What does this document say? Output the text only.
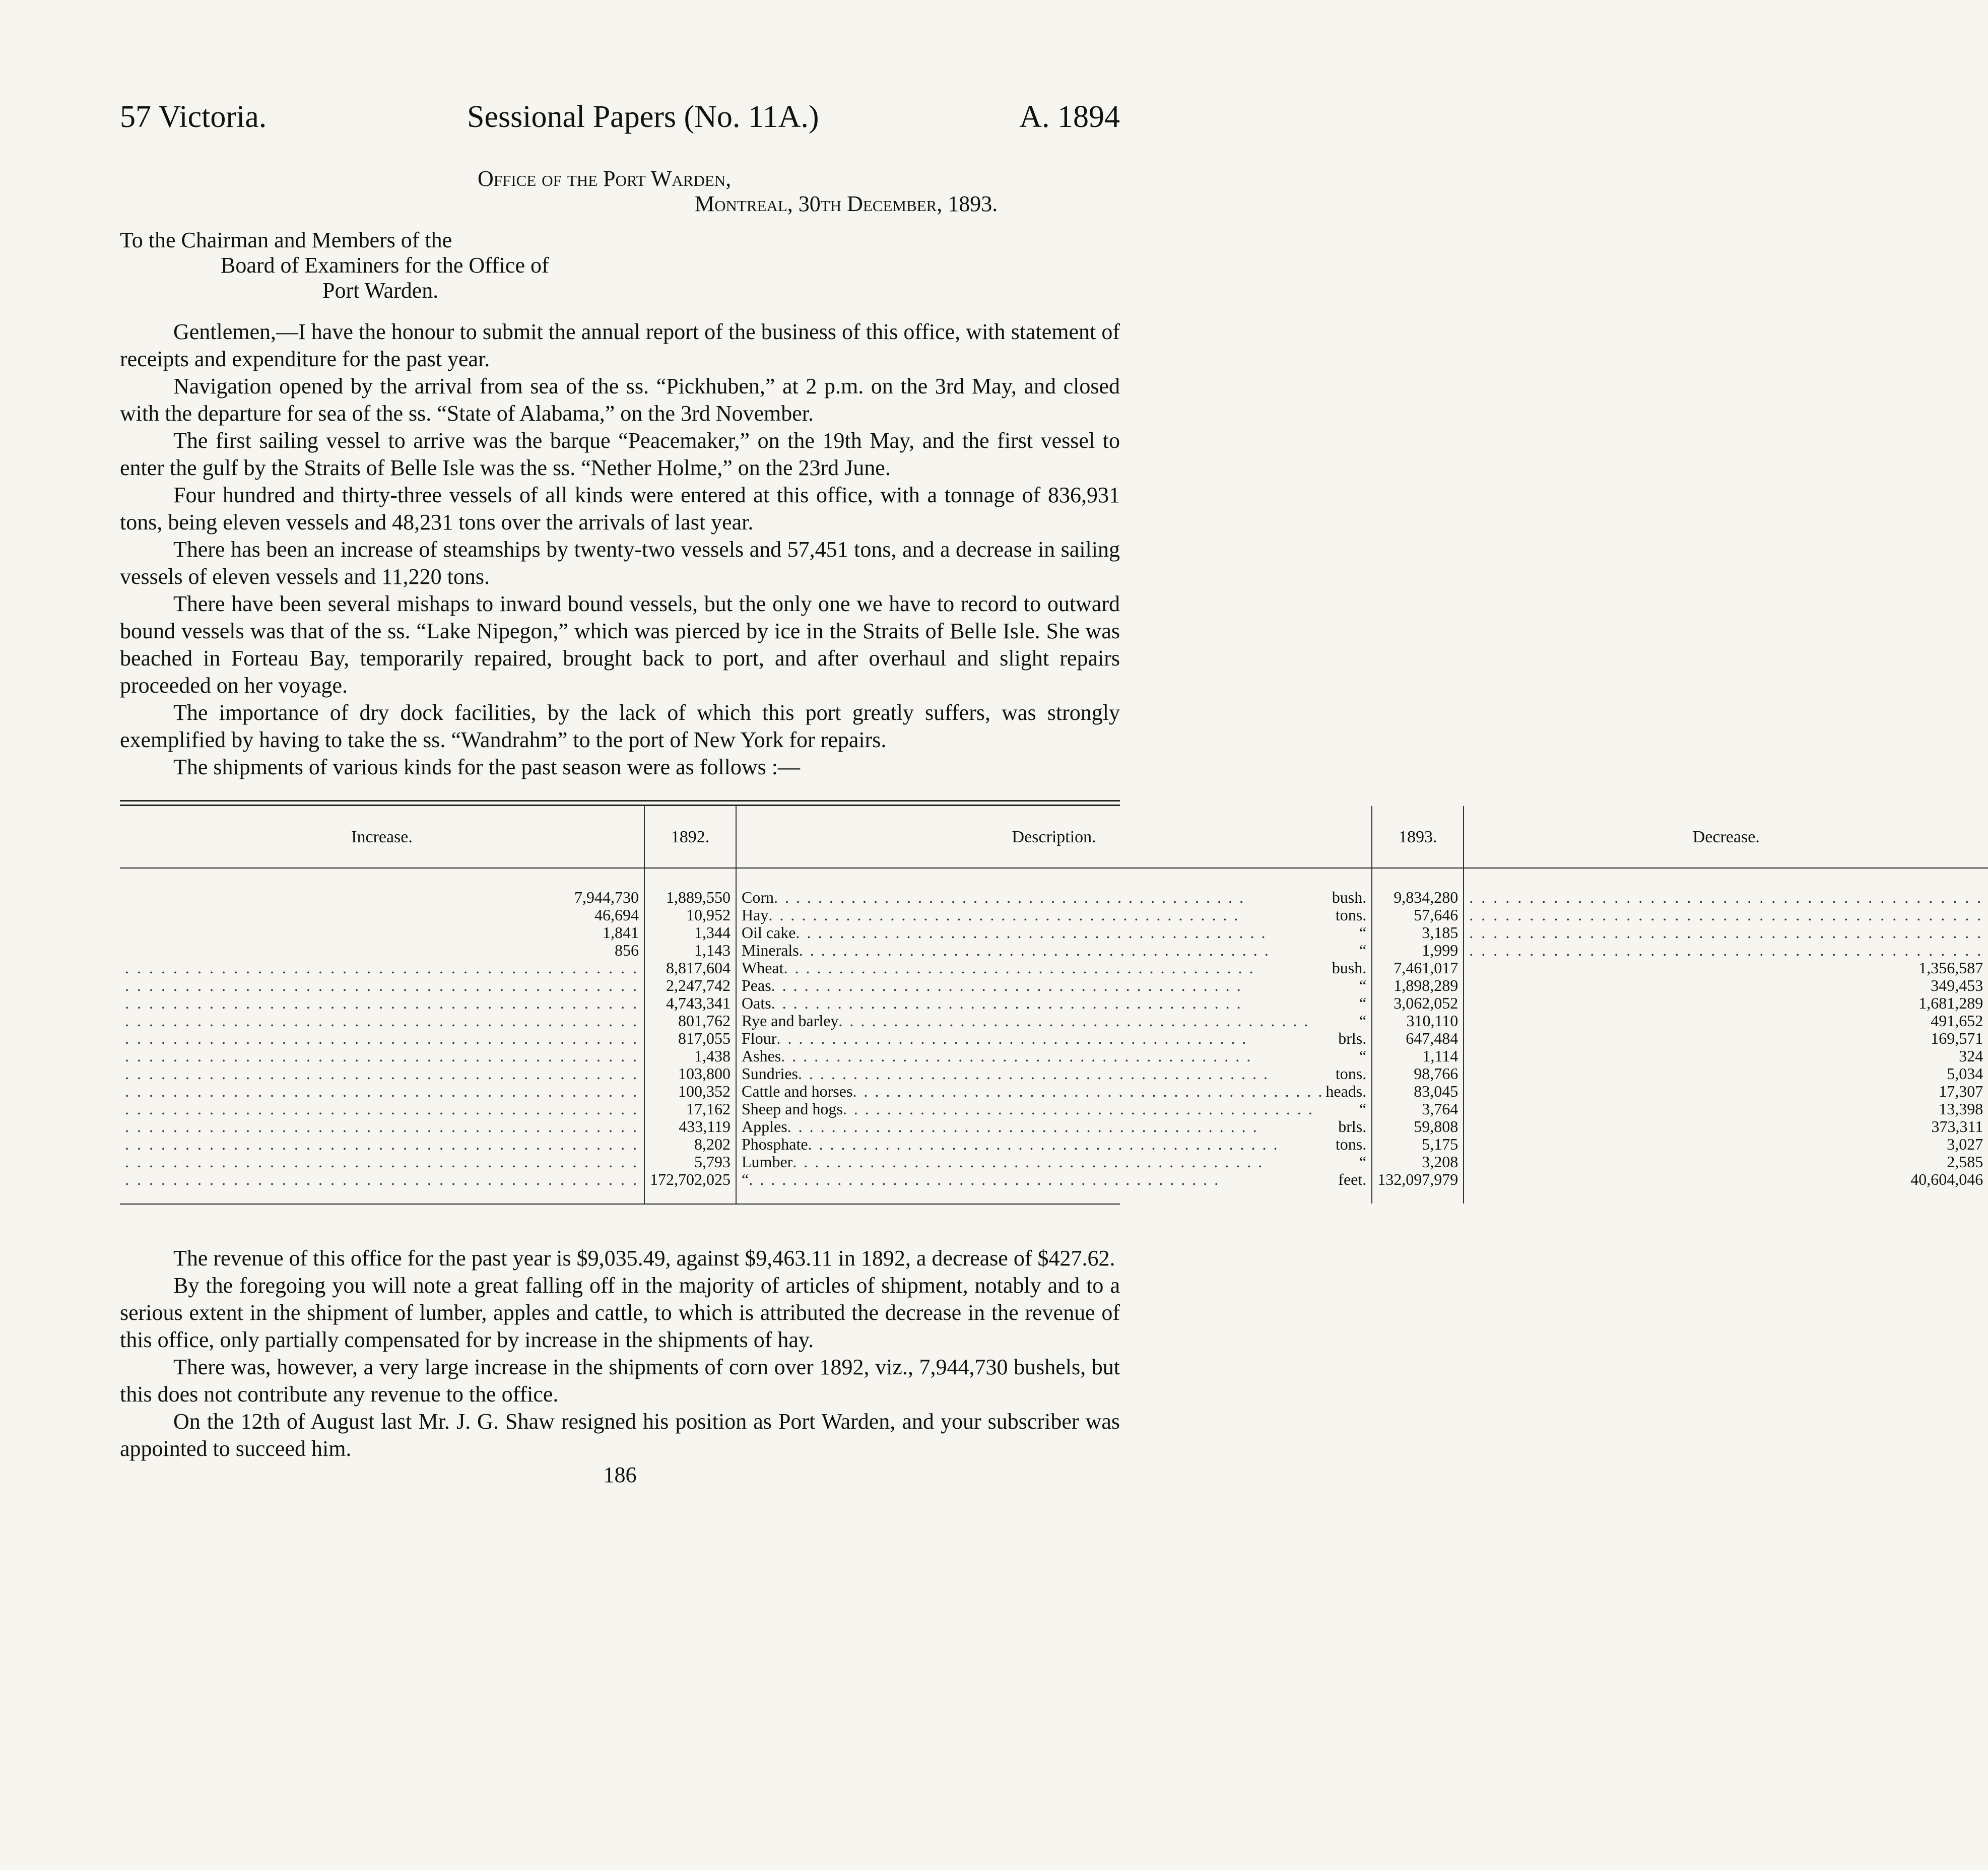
57 Victoria.	Sessional Papers (No. 11A.)	A. 1894
Office of the Port Warden,
Montreal, 30th December, 1893.
To the Chairman and Members of the
Board of Examiners for the Office of
Port Warden.

Gentlemen,—I have the honour to submit the annual report of the business of this office, with statement of receipts and expenditure for the past year.

Navigation opened by the arrival from sea of the ss. “Pickhuben,” at 2 p.m. on the 3rd May, and closed with the departure for sea of the ss. “State of Alabama,” on the 3rd November.

The first sailing vessel to arrive was the barque “Peacemaker,” on the 19th May, and the first vessel to enter the gulf by the Straits of Belle Isle was the ss. “Nether Holme,” on the 23rd June.

Four hundred and thirty-three vessels of all kinds were entered at this office, with a tonnage of 836,931 tons, being eleven vessels and 48,231 tons over the arrivals of last year.

There has been an increase of steamships by twenty-two vessels and 57,451 tons, and a decrease in sailing vessels of eleven vessels and 11,220 tons.

There have been several mishaps to inward bound vessels, but the only one we have to record to outward bound vessels was that of the ss. “Lake Nipegon,” which was pierced by ice in the Straits of Belle Isle. She was beached in Forteau Bay, temporarily repaired, brought back to port, and after overhaul and slight repairs proceeded on her voyage.

The importance of dry dock facilities, by the lack of which this port greatly suffers, was strongly exemplified by having to take the ss. “Wandrahm” to the port of New York for repairs.

The shipments of various kinds for the past season were as follows :—

Increase.	1892.	Description.	1893.	Decrease.
7,944,730	1,889,550	Corn . . . . . . . . . . . . . . . . . . . . . . . . . . . . . . . . . . . . . . . . . . . bush.	9,834,280	. . . . . . . . . . . . . . . . . . . . . . . . . . . . . . . . . . . . . . . . . . .

46,694	10,952	Hay . . . . . . . . . . . . . . . . . . . . . . . . . . . . . . . . . . . . . . . . . . . tons.	57,646	. . . . . . . . . . . . . . . . . . . . . . . . . . . . . . . . . . . . . . . . . . .

1,841	1,344	Oil cake . . . . . . . . . . . . . . . . . . . . . . . . . . . . . . . . . . . . . . . . . . . “	3,185	. . . . . . . . . . . . . . . . . . . . . . . . . . . . . . . . . . . . . . . . . . .

856	1,143	Minerals . . . . . . . . . . . . . . . . . . . . . . . . . . . . . . . . . . . . . . . . . . . “	1,999	. . . . . . . . . . . . . . . . . . . . . . . . . . . . . . . . . . . . . . . . . . .

. . . . . . . . . . . . . . . . . . . . . . . . . . . . . . . . . . . . . . . . . . .	8,817,604	Wheat . . . . . . . . . . . . . . . . . . . . . . . . . . . . . . . . . . . . . . . . . . . bush.	7,461,017	1,356,587

. . . . . . . . . . . . . . . . . . . . . . . . . . . . . . . . . . . . . . . . . . .	2,247,742	Peas . . . . . . . . . . . . . . . . . . . . . . . . . . . . . . . . . . . . . . . . . . . “	1,898,289	349,453

. . . . . . . . . . . . . . . . . . . . . . . . . . . . . . . . . . . . . . . . . . .	4,743,341	Oats . . . . . . . . . . . . . . . . . . . . . . . . . . . . . . . . . . . . . . . . . . . “	3,062,052	1,681,289

. . . . . . . . . . . . . . . . . . . . . . . . . . . . . . . . . . . . . . . . . . .	801,762	Rye and barley . . . . . . . . . . . . . . . . . . . . . . . . . . . . . . . . . . . . . . . . . . . “	310,110	491,652

. . . . . . . . . . . . . . . . . . . . . . . . . . . . . . . . . . . . . . . . . . .	817,055	Flour . . . . . . . . . . . . . . . . . . . . . . . . . . . . . . . . . . . . . . . . . . . brls.	647,484	169,571

. . . . . . . . . . . . . . . . . . . . . . . . . . . . . . . . . . . . . . . . . . .	1,438	Ashes . . . . . . . . . . . . . . . . . . . . . . . . . . . . . . . . . . . . . . . . . . . “	1,114	324

. . . . . . . . . . . . . . . . . . . . . . . . . . . . . . . . . . . . . . . . . . .	103,800	Sundries . . . . . . . . . . . . . . . . . . . . . . . . . . . . . . . . . . . . . . . . . . . tons.	98,766	5,034

. . . . . . . . . . . . . . . . . . . . . . . . . . . . . . . . . . . . . . . . . . .	100,352	Cattle and horses . . . . . . . . . . . . . . . . . . . . . . . . . . . . . . . . . . . . . . . . . . . heads.	83,045	17,307

. . . . . . . . . . . . . . . . . . . . . . . . . . . . . . . . . . . . . . . . . . .	17,162	Sheep and hogs . . . . . . . . . . . . . . . . . . . . . . . . . . . . . . . . . . . . . . . . . . . “	3,764	13,398

. . . . . . . . . . . . . . . . . . . . . . . . . . . . . . . . . . . . . . . . . . .	433,119	Apples . . . . . . . . . . . . . . . . . . . . . . . . . . . . . . . . . . . . . . . . . . . brls.	59,808	373,311

. . . . . . . . . . . . . . . . . . . . . . . . . . . . . . . . . . . . . . . . . . .	8,202	Phosphate . . . . . . . . . . . . . . . . . . . . . . . . . . . . . . . . . . . . . . . . . . . tons.	5,175	3,027

. . . . . . . . . . . . . . . . . . . . . . . . . . . . . . . . . . . . . . . . . . .	5,793	Lumber . . . . . . . . . . . . . . . . . . . . . . . . . . . . . . . . . . . . . . . . . . . “	3,208	2,585

. . . . . . . . . . . . . . . . . . . . . . . . . . . . . . . . . . . . . . . . . . .	172,702,025	“ . . . . . . . . . . . . . . . . . . . . . . . . . . . . . . . . . . . . . . . . . . . feet.	132,097,979	40,604,046

The revenue of this office for the past year is $9,035.49, against $9,463.11 in 1892, a decrease of $427.62.

By the foregoing you will note a great falling off in the majority of articles of shipment, notably and to a serious extent in the shipment of lumber, apples and cattle, to which is attributed the decrease in the revenue of this office, only partially compensated for by increase in the shipments of hay.

There was, however, a very large increase in the shipments of corn over 1892, viz., 7,944,730 bushels, but this does not contribute any revenue to the office.

On the 12th of August last Mr. J. G. Shaw resigned his position as Port Warden, and your subscriber was appointed to succeed him.

186
